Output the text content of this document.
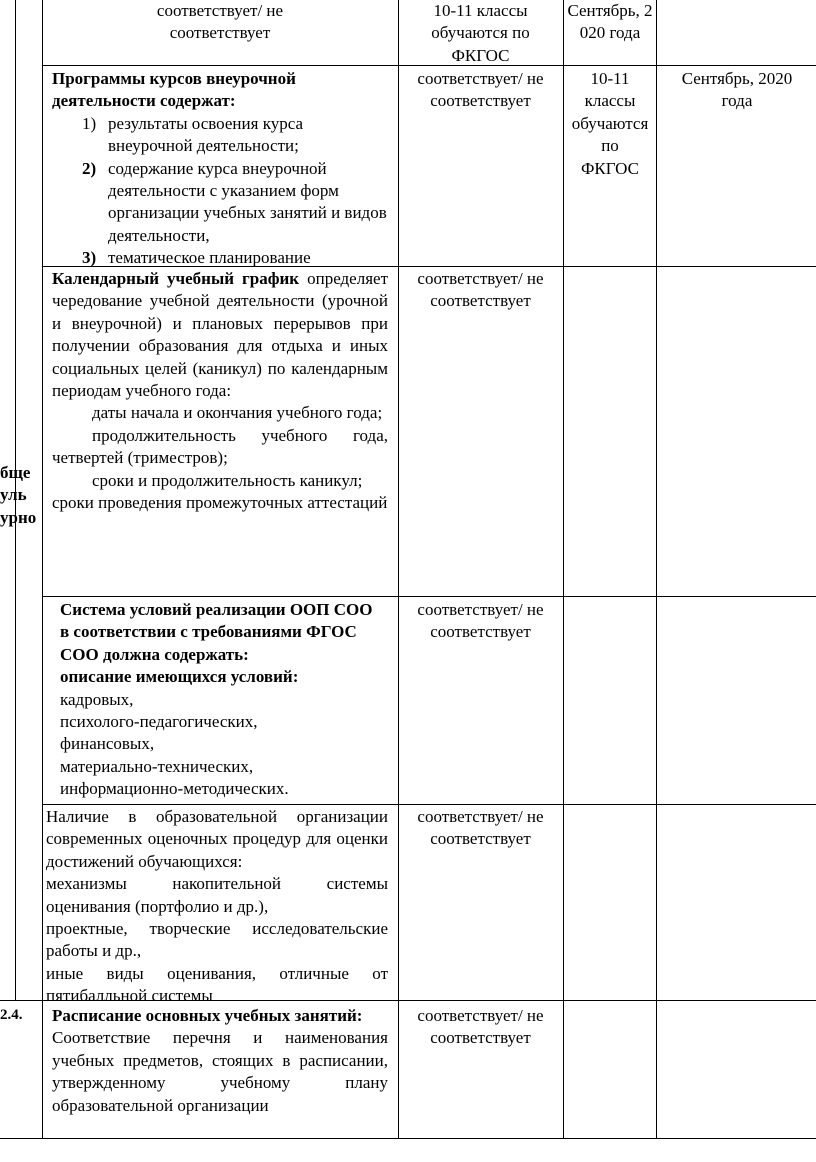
бще
уль
урно
соответствует/ не соответствует
10-11 классы обучаются по ФКГОС
Сентябрь, 2020 года
Программы курсов внеурочной деятельности содержат:
1) результаты освоения курса внеурочной деятельности;
2) содержание курса внеурочной деятельности с указанием форм организации учебных занятий и видов деятельности,
3) тематическое планирование
соответствует/ не соответствует
10-11 классы обучаются по ФКГОС
Сентябрь, 2020 года
Календарный учебный график определяет чередование учебной деятельности (урочной и внеурочной) и плановых перерывов при получении образования для отдыха и иных социальных целей (каникул) по календарным периодам учебного года:
даты начала и окончания учебного года;
продолжительность учебного года, четвертей (триместров);
сроки и продолжительность каникул;
сроки проведения промежуточных аттестаций
соответствует/ не соответствует
Система условий реализации ООП СОО в соответствии с требованиями ФГОС СОО должна содержать:
описание имеющихся условий:
кадровых,
психолого-педагогических,
финансовых,
материально-технических,
информационно-методических.
соответствует/ не соответствует
Наличие в образовательной организации современных оценочных процедур для оценки достижений обучающихся:
механизмы накопительной системы оценивания (портфолио и др.),
проектные, творческие исследовательские работы и др.,
иные виды оценивания, отличные от пятибалльной системы
соответствует/ не соответствует
2.4. Расписание основных учебных занятий:
Соответствие перечня и наименования учебных предметов, стоящих в расписании, утвержденному учебному плану образовательной организации
соответствует/ не соответствует
